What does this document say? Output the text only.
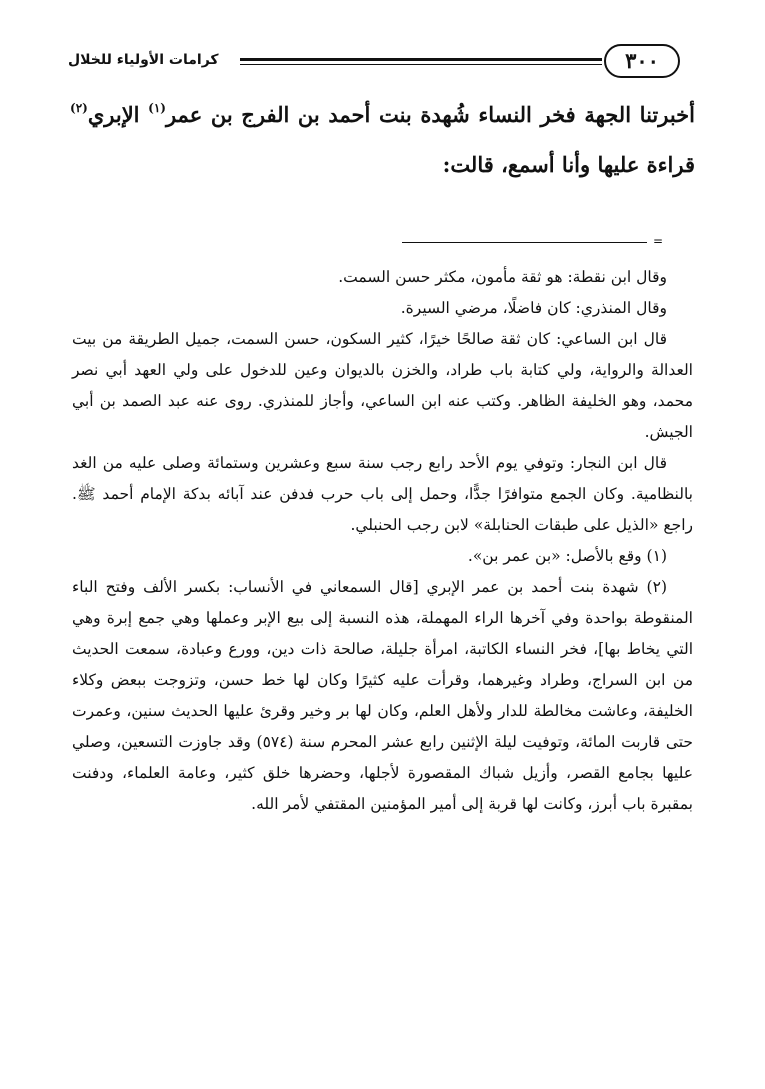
٣٠٠
كرامات الأولياء للخلال
أخبرتنا الجهة فخر النساء شُهدة بنت أحمد بن الفرج بن عمر$^{(١)}$ الإبري$^{(٢)}$ قراءة عليها وأنا أسمع، قالت:
=

وقال ابن نقطة: هو ثقة مأمون، مكثر حسن السمت.

وقال المنذري: كان فاضلًا، مرضي السيرة.

قال ابن الساعي: كان ثقة صالحًا خيرًا، كثير السكون، حسن السمت، جميل الطريقة من بيت العدالة والرواية، ولي كتابة باب طراد، والخزن بالديوان وعين للدخول على ولي العهد أبي نصر محمد، وهو الخليفة الظاهر. وكتب عنه ابن الساعي، وأجاز للمنذري. روى عنه عبد الصمد بن أبي الجيش.

قال ابن النجار: وتوفي يوم الأحد رابع رجب سنة سبع وعشرين وستمائة وصلى عليه من الغد بالنظامية. وكان الجمع متوافرًا جدًّا، وحمل إلى باب حرب فدفن عند آبائه بدكة الإمام أحمد ﷺ. راجع «الذيل على طبقات الحنابلة» لابن رجب الحنبلي.

(١) وقع بالأصل: «بن عمر بن».

(٢) شهدة بنت أحمد بن عمر الإبري [قال السمعاني في الأنساب: بكسر الألف وفتح الباء المنقوطة بواحدة وفي آخرها الراء المهملة، هذه النسبة إلى بيع الإبر وعملها وهي جمع إبرة وهي التي يخاط بها]، فخر النساء الكاتبة، امرأة جليلة، صالحة ذات دين، وورع وعبادة، سمعت الحديث من ابن السراج، وطراد وغيرهما، وقرأت عليه كثيرًا وكان لها خط حسن، وتزوجت ببعض وكلاء الخليفة، وعاشت مخالطة للدار ولأهل العلم، وكان لها بر وخير وقرئ عليها الحديث سنين، وعمرت حتى قاربت المائة، وتوفيت ليلة الإثنين رابع عشر المحرم سنة (٥٧٤) وقد جاوزت التسعين، وصلي عليها بجامع القصر، وأزيل شباك المقصورة لأجلها، وحضرها خلق كثير، وعامة العلماء، ودفنت بمقبرة باب أبرز، وكانت لها قربة إلى أمير المؤمنين المقتفي لأمر الله.
